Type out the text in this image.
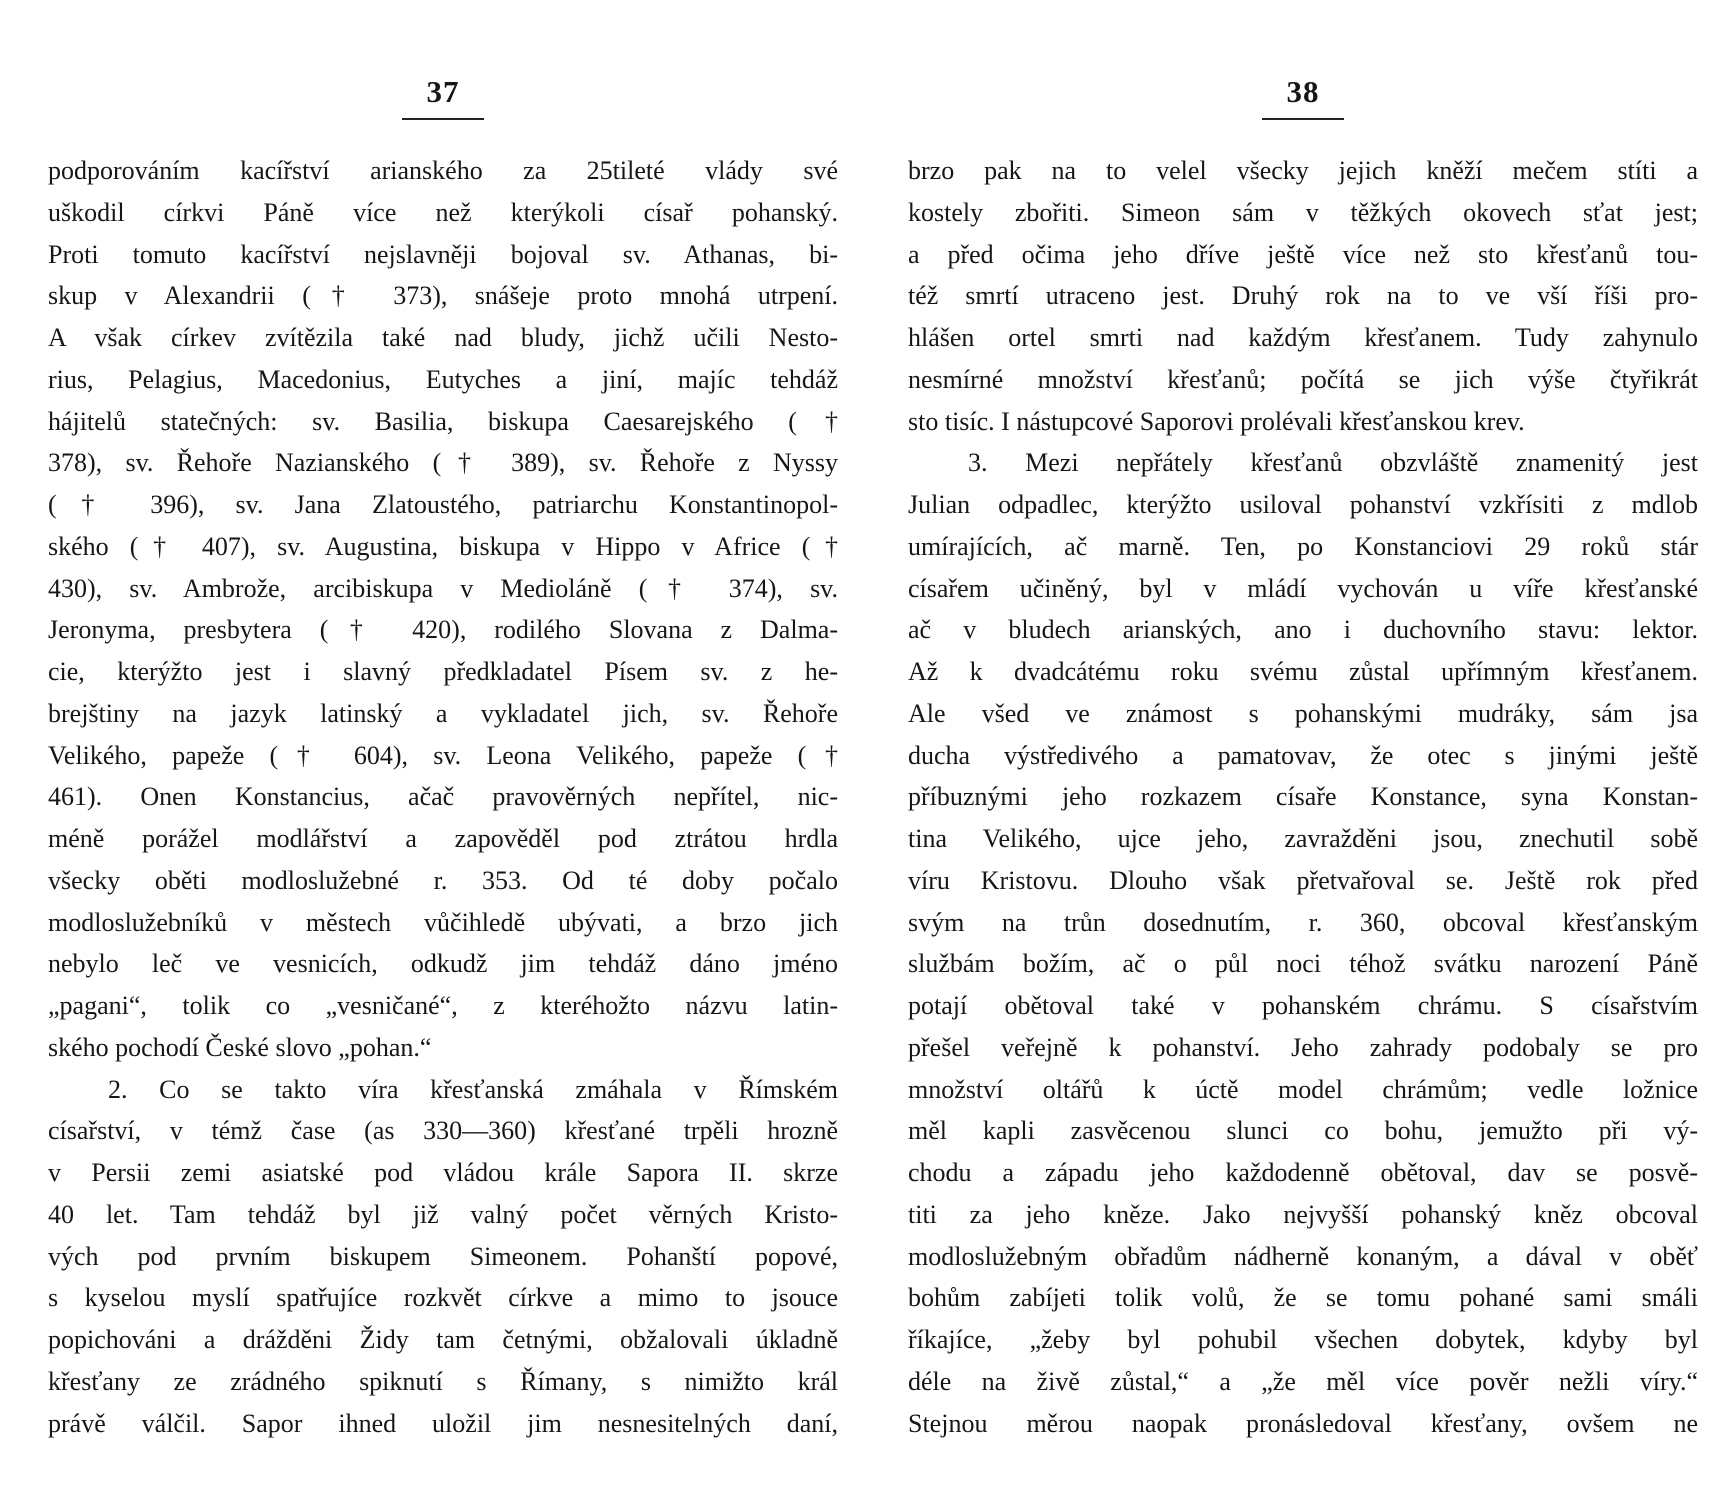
37
podporováním kacířství arianského za 25tileté vlády své
uškodil církvi Páně více než kterýkoli císař pohanský.
Proti tomuto kacířství nejslavněji bojoval sv. Athanas, bi-
skup v Alexandrii († 373), snášeje proto mnohá utrpení.
A však církev zvítězila také nad bludy, jichž učili Nesto-
rius, Pelagius, Macedonius, Eutyches a jiní, majíc tehdáž
hájitelů statečných: sv. Basilia, biskupa Caesarejského (†
378), sv. Řehoře Nazianského († 389), sv. Řehoře z Nyssy
(† 396), sv. Jana Zlatoustého, patriarchu Konstantinopol-
ského († 407), sv. Augustina, biskupa v Hippo v Africe (†
430), sv. Ambrože, arcibiskupa v Medioláně († 374), sv.
Jeronyma, presbytera († 420), rodilého Slovana z Dalma-
cie, kterýžto jest i slavný předkladatel Písem sv. z he-
brejštiny na jazyk latinský a vykladatel jich, sv. Řehoře
Velikého, papeže († 604), sv. Leona Velikého, papeže (†
461). Onen Konstancius, ačač pravověrných nepřítel, nic-
méně porážel modlářství a zapověděl pod ztrátou hrdla
všecky oběti modloslužebné r. 353. Od té doby počalo
modloslužebníků v městech vůčihledě ubývati, a brzo jich
nebylo leč ve vesnicích, odkudž jim tehdáž dáno jméno
„pagani“, tolik co „vesničané“, z kteréhožto názvu latin-
ského pochodí České slovo „pohan.“
2. Co se takto víra křesťanská zmáhala v Římském
císařství, v témž čase (as 330—360) křesťané trpěli hrozně
v Persii zemi asiatské pod vládou krále Sapora II. skrze
40 let. Tam tehdáž byl již valný počet věrných Kristo-
vých pod prvním biskupem Simeonem. Pohanští popové,
s kyselou myslí spatřujíce rozkvět církve a mimo to jsouce
popichováni a drážděni Židy tam četnými, obžalovali úkladně
křesťany ze zrádného spiknutí s Římany, s nimižto král
právě válčil. Sapor ihned uložil jim nesnesitelných daní,
38
brzo pak na to velel všecky jejich kněží mečem stíti a
kostely zbořiti. Simeon sám v těžkých okovech sťat jest;
a před očima jeho dříve ještě více než sto křesťanů tou-
též smrtí utraceno jest. Druhý rok na to ve vší říši pro-
hlášen ortel smrti nad každým křesťanem. Tudy zahynulo
nesmírné množství křesťanů; počítá se jich výše čtyřikrát
sto tisíc. I nástupcové Saporovi prolévali křesťanskou krev.
3. Mezi nepřátely křesťanů obzvláště znamenitý jest
Julian odpadlec, kterýžto usiloval pohanství vzkřísiti z mdlob
umírajících, ač marně. Ten, po Konstanciovi 29 roků stár
císařem učiněný, byl v mládí vychován u víře křesťanské
ač v bludech arianských, ano i duchovního stavu: lektor.
Až k dvadcátému roku svému zůstal upřímným křesťanem.
Ale všed ve známost s pohanskými mudráky, sám jsa
ducha výstředivého a pamatovav, že otec s jinými ještě
příbuznými jeho rozkazem císaře Konstance, syna Konstan-
tina Velikého, ujce jeho, zavražděni jsou, znechutil sobě
víru Kristovu. Dlouho však přetvařoval se. Ještě rok před
svým na trůn dosednutím, r. 360, obcoval křesťanským
službám božím, ač o půl noci téhož svátku narození Páně
potají obětoval také v pohanském chrámu. S císařstvím
přešel veřejně k pohanství. Jeho zahrady podobaly se pro
množství oltářů k úctě model chrámům; vedle ložnice
měl kapli zasvěcenou slunci co bohu, jemužto při vý-
chodu a západu jeho každodenně obětoval, dav se posvě-
titi za jeho kněze. Jako nejvyšší pohanský kněz obcoval
modloslužebným obřadům nádherně konaným, a dával v oběť
bohům zabíjeti tolik volů, že se tomu pohané sami smáli
říkajíce, „žeby byl pohubil všechen dobytek, kdyby byl
déle na živě zůstal,“ a „že měl více pověr nežli víry.“
Stejnou měrou naopak pronásledoval křesťany, ovšem ne
